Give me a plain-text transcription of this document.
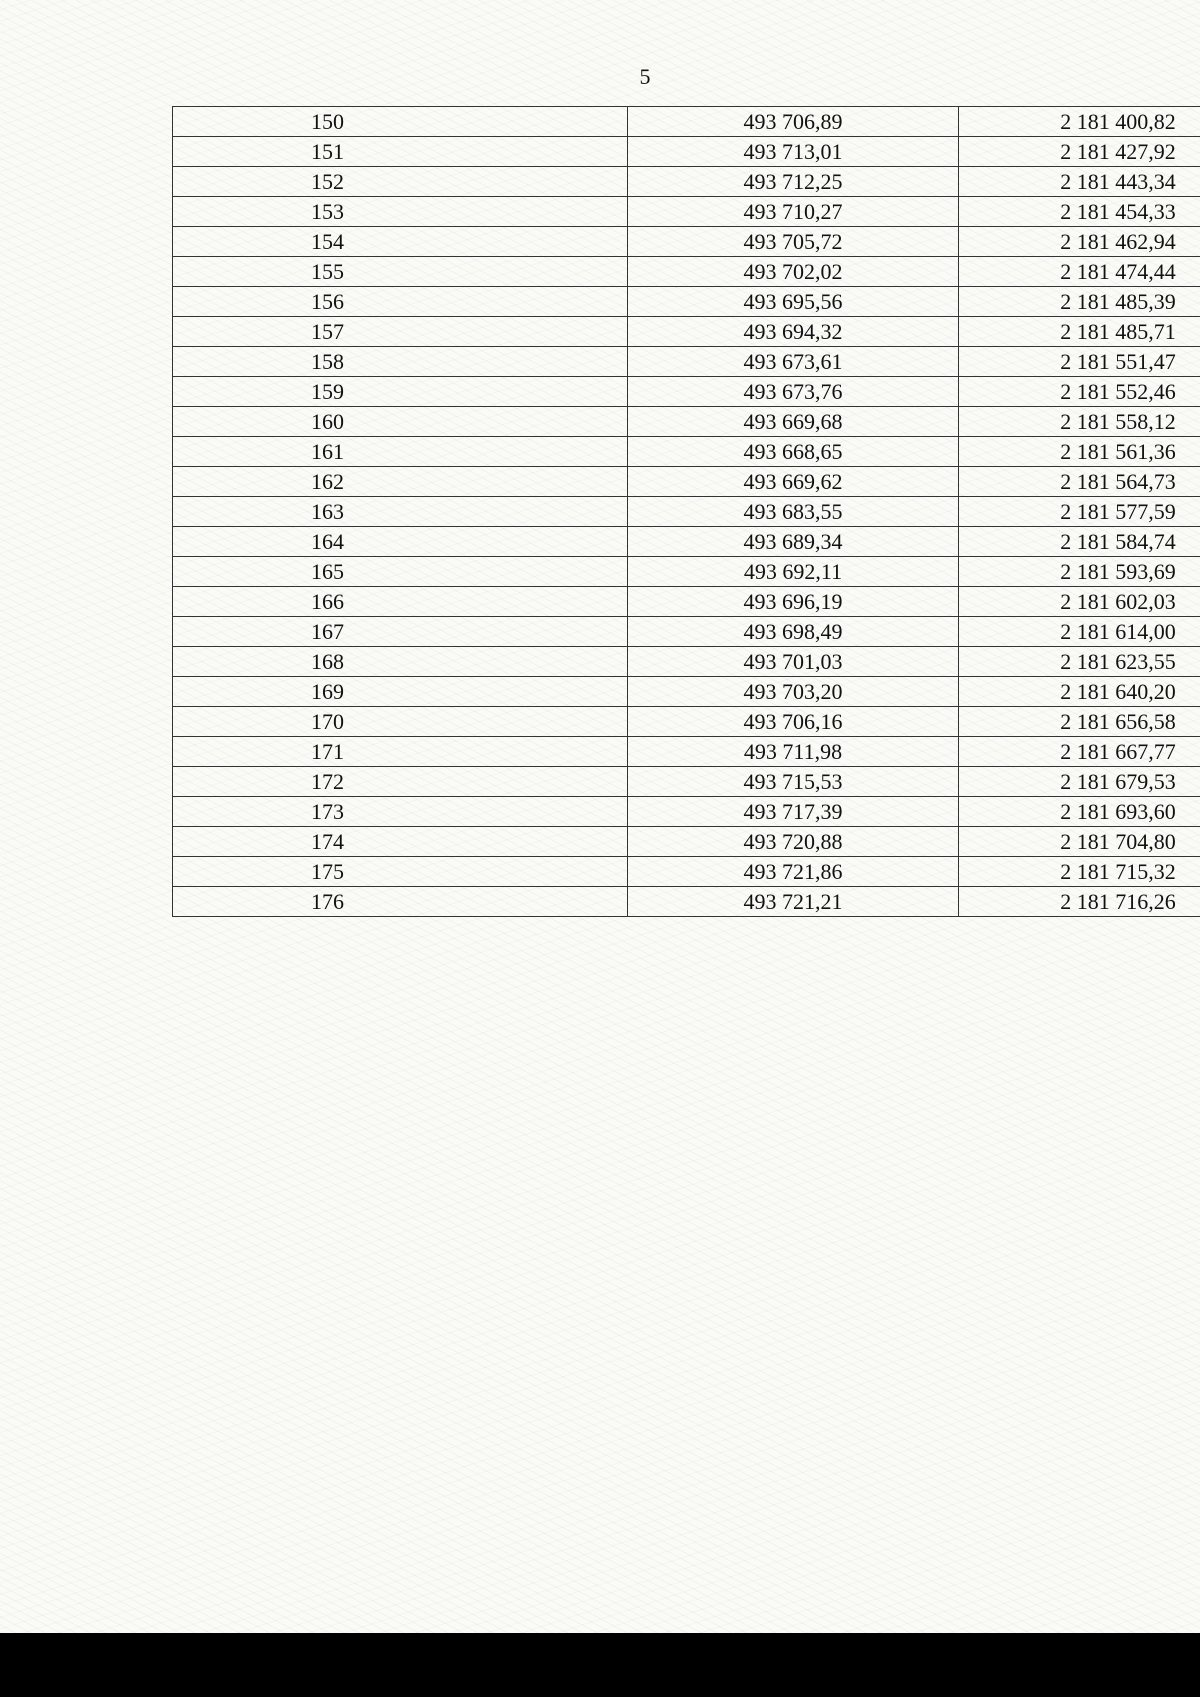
5
150	493 706,89	2 181 400,82
151	493 713,01	2 181 427,92
152	493 712,25	2 181 443,34
153	493 710,27	2 181 454,33
154	493 705,72	2 181 462,94
155	493 702,02	2 181 474,44
156	493 695,56	2 181 485,39
157	493 694,32	2 181 485,71
158	493 673,61	2 181 551,47
159	493 673,76	2 181 552,46
160	493 669,68	2 181 558,12
161	493 668,65	2 181 561,36
162	493 669,62	2 181 564,73
163	493 683,55	2 181 577,59
164	493 689,34	2 181 584,74
165	493 692,11	2 181 593,69
166	493 696,19	2 181 602,03
167	493 698,49	2 181 614,00
168	493 701,03	2 181 623,55
169	493 703,20	2 181 640,20
170	493 706,16	2 181 656,58
171	493 711,98	2 181 667,77
172	493 715,53	2 181 679,53
173	493 717,39	2 181 693,60
174	493 720,88	2 181 704,80
175	493 721,86	2 181 715,32
176	493 721,21	2 181 716,26
